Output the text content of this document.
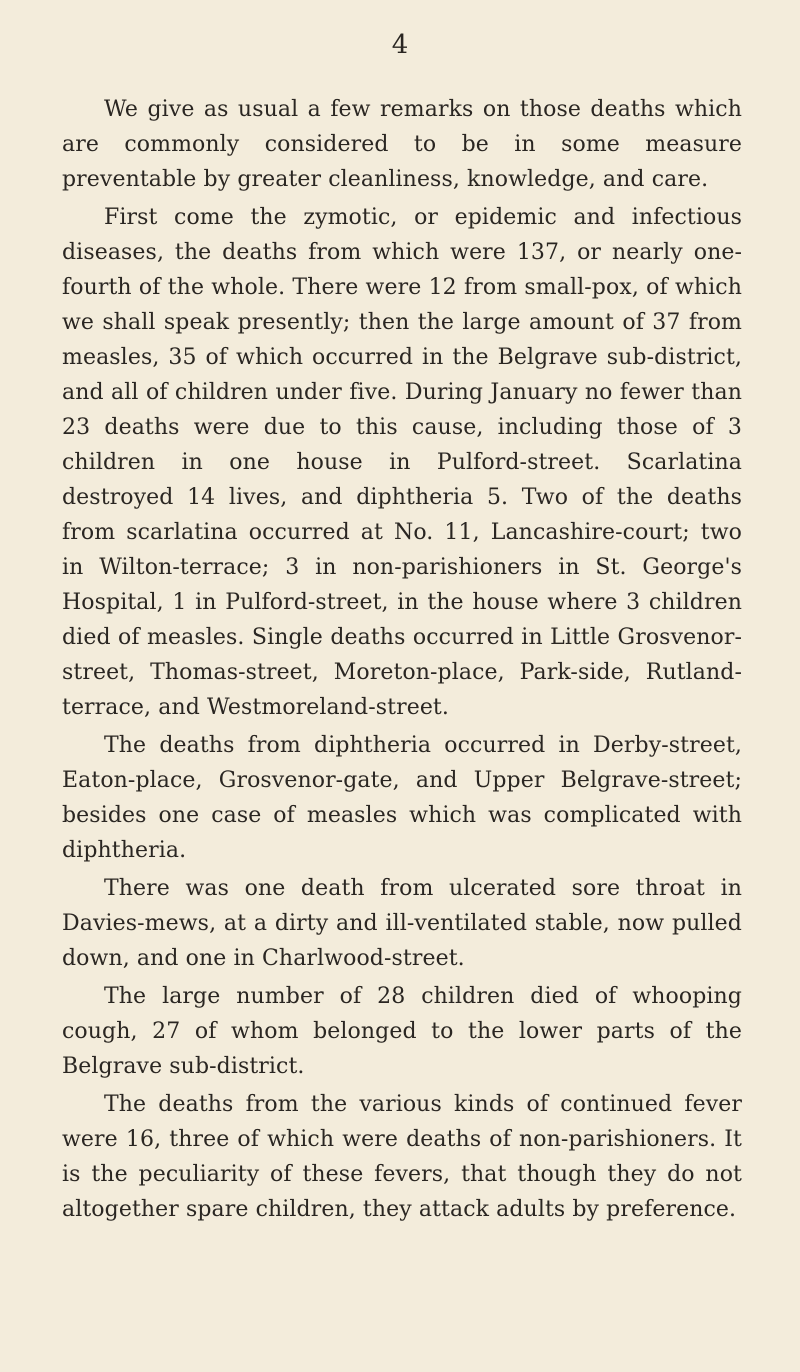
4

We give as usual a few remarks on those deaths which are commonly considered to be in some measure preventable by greater cleanliness, knowledge, and care.

First come the zymotic, or epidemic and infectious diseases, the deaths from which were 137, or nearly one-fourth of the whole. There were 12 from small-pox, of which we shall speak presently; then the large amount of 37 from measles, 35 of which occurred in the Belgrave sub-district, and all of children under five. During January no fewer than 23 deaths were due to this cause, including those of 3 children in one house in Pulford-street. Scarlatina destroyed 14 lives, and diphtheria 5. Two of the deaths from scarlatina occurred at No. 11, Lancashire-court; two in Wilton-terrace; 3 in non-parishioners in St. George's Hospital, 1 in Pulford-street, in the house where 3 children died of measles. Single deaths occurred in Little Grosvenor-street, Thomas-street, Moreton-place, Park-side, Rutland-terrace, and Westmoreland-street.

The deaths from diphtheria occurred in Derby-street, Eaton-place, Grosvenor-gate, and Upper Belgrave-street; besides one case of measles which was complicated with diphtheria.

There was one death from ulcerated sore throat in Davies-mews, at a dirty and ill-ventilated stable, now pulled down, and one in Charlwood-street.

The large number of 28 children died of whooping cough, 27 of whom belonged to the lower parts of the Belgrave sub-district.

The deaths from the various kinds of continued fever were 16, three of which were deaths of non-parishioners. It is the peculiarity of these fevers, that though they do not altogether spare children, they attack adults by preference.
